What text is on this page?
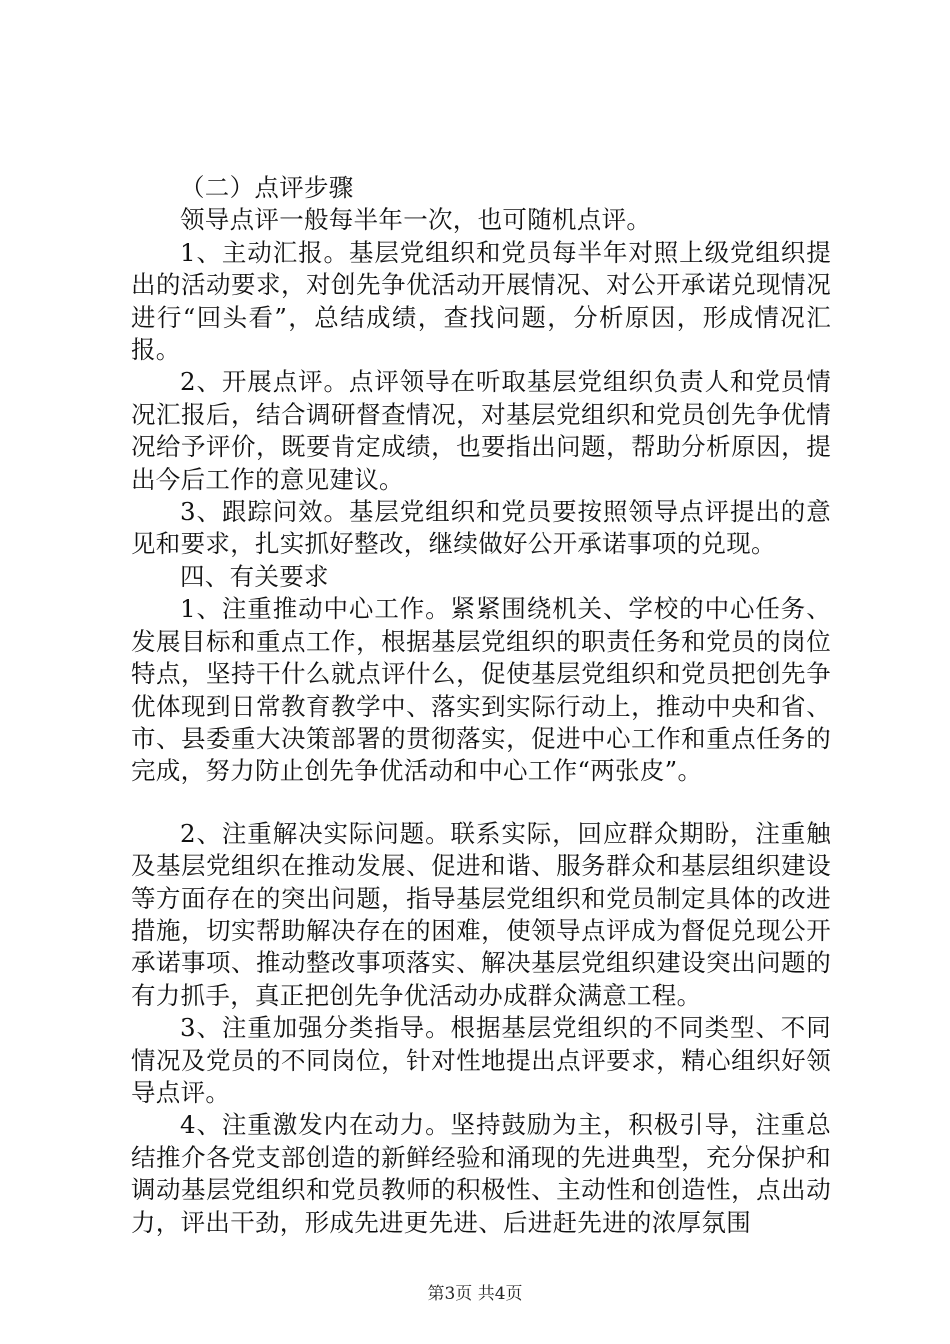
（二）点评步骤

领导点评一般每半年一次，也可随机点评。

1、主动汇报。基层党组织和党员每半年对照上级党组织提出的活动要求，对创先争优活动开展情况、对公开承诺兑现情况进行“回头看”，总结成绩，查找问题，分析原因，形成情况汇报。

2、开展点评。点评领导在听取基层党组织负责人和党员情况汇报后，结合调研督查情况，对基层党组织和党员创先争优情况给予评价，既要肯定成绩，也要指出问题，帮助分析原因，提出今后工作的意见建议。

3、跟踪问效。基层党组织和党员要按照领导点评提出的意见和要求，扎实抓好整改，继续做好公开承诺事项的兑现。

四、有关要求

1、注重推动中心工作。紧紧围绕机关、学校的中心任务、发展目标和重点工作，根据基层党组织的职责任务和党员的岗位特点，坚持干什么就点评什么，促使基层党组织和党员把创先争优体现到日常教育教学中、落实到实际行动上，推动中央和省、市、县委重大决策部署的贯彻落实，促进中心工作和重点任务的完成，努力防止创先争优活动和中心工作“两张皮”。

2、注重解决实际问题。联系实际，回应群众期盼，注重触及基层党组织在推动发展、促进和谐、服务群众和基层组织建设等方面存在的突出问题，指导基层党组织和党员制定具体的改进措施，切实帮助解决存在的困难，使领导点评成为督促兑现公开承诺事项、推动整改事项落实、解决基层党组织建设突出问题的有力抓手，真正把创先争优活动办成群众满意工程。

3、注重加强分类指导。根据基层党组织的不同类型、不同情况及党员的不同岗位，针对性地提出点评要求，精心组织好领导点评。

4、注重激发内在动力。坚持鼓励为主，积极引导，注重总结推介各党支部创造的新鲜经验和涌现的先进典型，充分保护和调动基层党组织和党员教师的积极性、主动性和创造性，点出动力，评出干劲，形成先进更先进、后进赶先进的浓厚氛围

第3页 共4页
